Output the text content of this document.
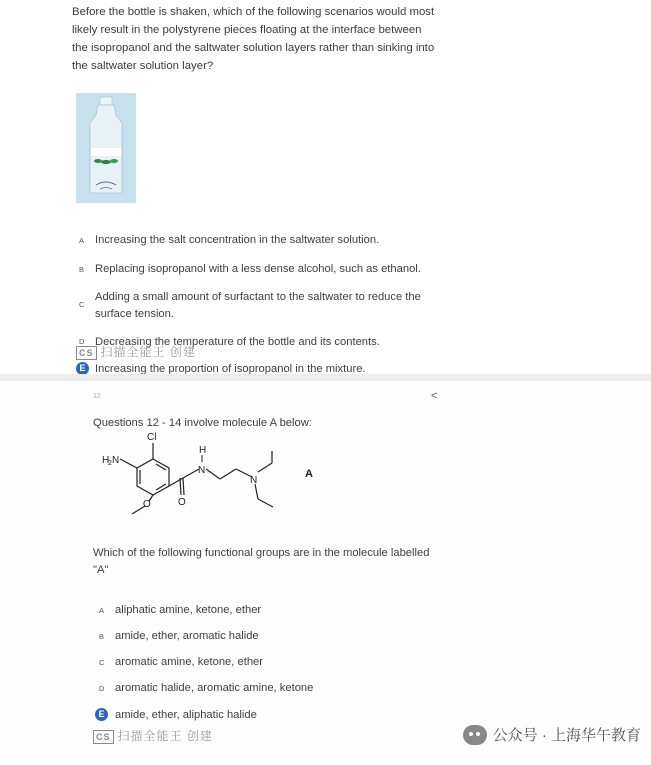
Before the bottle is shaken, which of the following scenarios would most likely result in the polystyrene pieces floating at the interface between the isopropanol and the saltwater solution layers rather than sinking into the saltwater solution layer?
A Increasing the salt concentration in the saltwater solution.
B Replacing isopropanol with a less dense alcohol, such as ethanol.
C
Adding a small amount of surfactant to the saltwater to reduce the surface tension.
D Decreasing the temperature of the bottle and its contents.
CS 扫描全能王 创建
E Increasing the proportion of isopropanol in the mixture.
12	<
Questions 12 - 14 involve molecule A below:
Cl
H
2 N
H
N
N
O	O
A
Which of the following functional groups are in the molecule labelled "A"
A aliphatic amine, ketone, ether
B amide, ether, aromatic halide
C aromatic amine, ketone, ether
D aromatic halide, aromatic amine, ketone
E amide, ether, aliphatic halide
CS 扫描全能王 创建	公众号 · 上海华午教育
